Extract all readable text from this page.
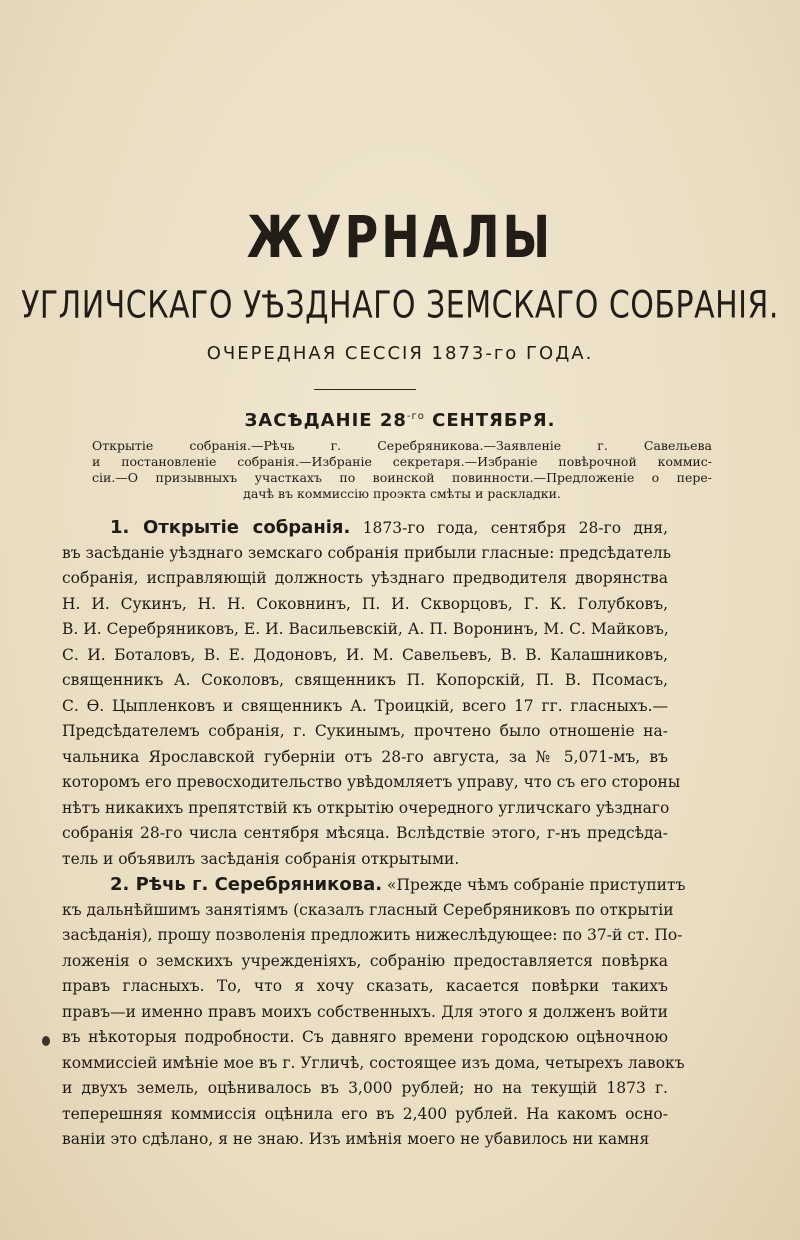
ЖУРНАЛЫ
УГЛИЧСКАГО УѢЗДНАГО ЗЕМСКАГО СОБРАНІЯ.
ОЧЕРЕДНАЯ СЕССІЯ 1873-го ГОДА.
ЗАСѢДАНІЕ $28^{-го}$ СЕНТЯБРЯ.
Открытіе собранія.—Рѣчь г. Серебряникова.—Заявленіе г. Савельева
и постановленіе собранія.—Избраніе секретаря.—Избраніе повѣрочной коммис-
сіи.—О призывныхъ участкахъ по воинской повинности.—Предложеніе о пере-
дачѣ въ коммиссію проэкта смѣты и раскладки.
1. Открытіе собранія. 1873-го года, сентября 28-го дня,
въ засѣданіе уѣзднаго земскаго собранія прибыли гласные: предсѣдатель
собранія, исправляющій должность уѣзднаго предводителя дворянства
Н. И. Сукинъ, Н. Н. Соковнинъ, П. И. Скворцовъ, Г. К. Голубковъ,
В. И. Серебряниковъ, Е. И. Васильевскій, А. П. Воронинъ, М. С. Майковъ,
С. И. Боталовъ, В. Е. Додоновъ, И. М. Савельевъ, В. В. Калашниковъ,
священникъ А. Соколовъ, священникъ П. Копорскій, П. В. Псомасъ,
С. Ѳ. Цыпленковъ и священникъ А. Троицкій, всего 17 гг. гласныхъ.—
Предсѣдателемъ собранія, г. Сукинымъ, прочтено было отношеніе на-
чальника Ярославской губерніи отъ 28-го августа, за № 5,071-мъ, въ
которомъ его превосходительство увѣдомляетъ управу, что съ его стороны
нѣтъ никакихъ препятствій къ открытію очередного угличскаго уѣзднаго
собранія 28-го числа сентября мѣсяца. Вслѣдствіе этого, г-нъ предсѣда-
тель и объявилъ засѣданія собранія открытыми.
2. Рѣчь г. Серебряникова. «Прежде чѣмъ собраніе приступитъ
къ дальнѣйшимъ занятіямъ (сказалъ гласный Серебряниковъ по открытіи
засѣданія), прошу позволенія предложить нижеслѣдующее: по 37-й ст. По-
ложенія о земскихъ учрежденіяхъ, собранію предоставляется повѣрка
правъ гласныхъ. То, что я хочу сказать, касается повѣрки такихъ
правъ—и именно правъ моихъ собственныхъ. Для этого я долженъ войти
въ нѣкоторыя подробности. Съ давняго времени городскою оцѣночною
коммиссіей имѣніе мое въ г. Угличѣ, состоящее изъ дома, четырехъ лавокъ
и двухъ земель, оцѣнивалось въ 3,000 рублей; но на текущій 1873 г.
теперешняя коммиссія оцѣнила его въ 2,400 рублей. На какомъ осно-
ваніи это сдѣлано, я не знаю. Изъ имѣнія моего не убавилось ни камня
